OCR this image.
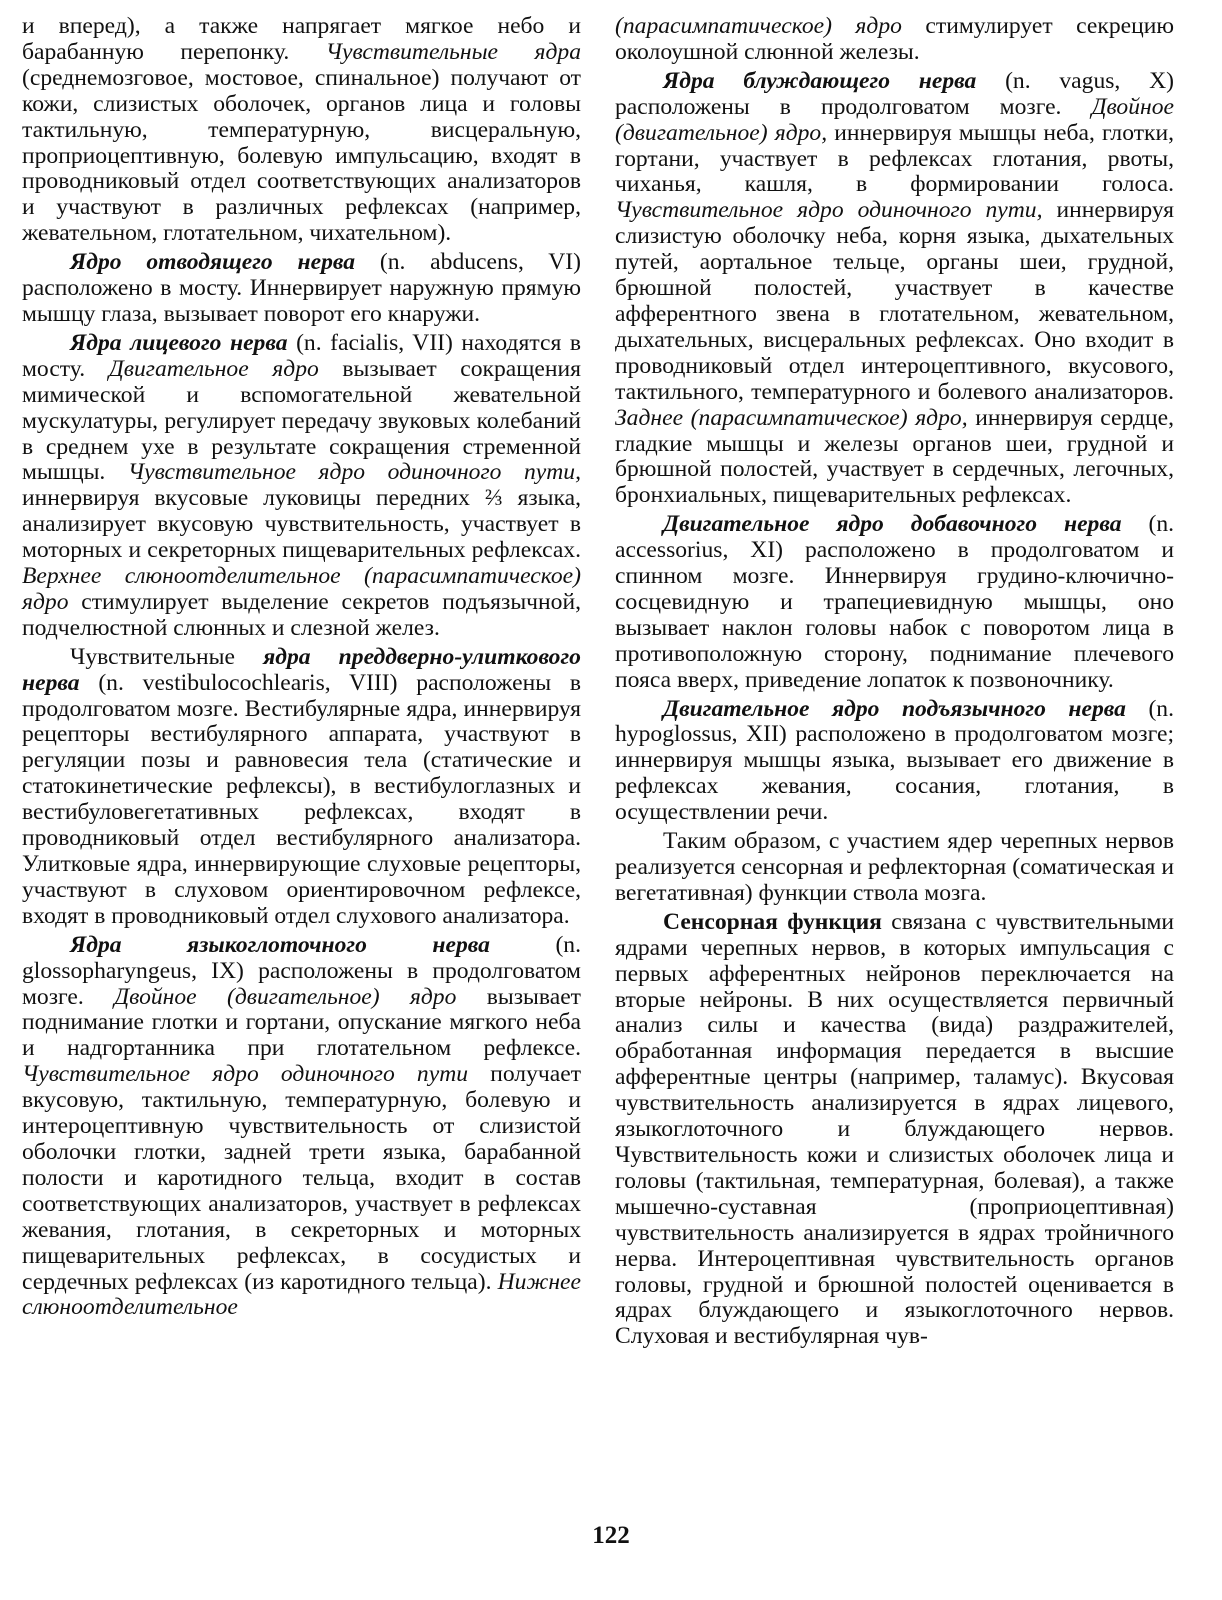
и вперед), а также напрягает мягкое небо и барабанную перепонку. Чувствительные ядра (среднемозговое, мостовое, спинальное) получают от кожи, слизистых оболочек, органов лица и головы тактильную, температурную, висцеральную, проприоцептивную, болевую импульсацию, входят в проводниковый отдел соответствующих анализаторов и участвуют в различных рефлексах (например, жевательном, глотательном, чихательном).

Ядро отводящего нерва (n. abducens, VI) расположено в мосту. Иннервирует наружную прямую мышцу глаза, вызывает поворот его кнаружи.

Ядра лицевого нерва (n. facialis, VII) находятся в мосту. Двигательное ядро вызывает сокращения мимической и вспомогательной жевательной мускулатуры, регулирует передачу звуковых колебаний в среднем ухе в результате сокращения стременной мышцы. Чувствительное ядро одиночного пути, иннервируя вкусовые луковицы передних ⅔ языка, анализирует вкусовую чувствительность, участвует в моторных и секреторных пищеварительных рефлексах. Верхнее слюноотделительное (парасимпатическое) ядро стимулирует выделение секретов подъязычной, подчелюстной слюнных и слезной желез.

Чувствительные ядра преддверно-улиткового нерва (n. vestibulocochlearis, VIII) расположены в продолговатом мозге. Вестибулярные ядра, иннервируя рецепторы вестибулярного аппарата, участвуют в регуляции позы и равновесия тела (статические и статокинетические рефлексы), в вестибулоглазных и вестибуловегетативных рефлексах, входят в проводниковый отдел вестибулярного анализатора. Улитковые ядра, иннервирующие слуховые рецепторы, участвуют в слуховом ориентировочном рефлексе, входят в проводниковый отдел слухового анализатора.

Ядра языкоглоточного нерва (n. glossopharyngeus, IX) расположены в продолговатом мозге. Двойное (двигательное) ядро вызывает поднимание глотки и гортани, опускание мягкого неба и надгортанника при глотательном рефлексе. Чувствительное ядро одиночного пути получает вкусовую, тактильную, температурную, болевую и интероцептивную чувствительность от слизистой оболочки глотки, задней трети языка, барабанной полости и каротидного тельца, входит в состав соответствующих анализаторов, участвует в рефлексах жевания, глотания, в секреторных и моторных пищеварительных рефлексах, в сосудистых и сердечных рефлексах (из каротидного тельца). Нижнее слюноотделительное

(парасимпатическое) ядро стимулирует секрецию околоушной слюнной железы.

Ядра блуждающего нерва (n. vagus, X) расположены в продолговатом мозге. Двойное (двигательное) ядро, иннервируя мышцы неба, глотки, гортани, участвует в рефлексах глотания, рвоты, чиханья, кашля, в формировании голоса. Чувствительное ядро одиночного пути, иннервируя слизистую оболочку неба, корня языка, дыхательных путей, аортальное тельце, органы шеи, грудной, брюшной полостей, участвует в качестве афферентного звена в глотательном, жевательном, дыхательных, висцеральных рефлексах. Оно входит в проводниковый отдел интероцептивного, вкусового, тактильного, температурного и болевого анализаторов. Заднее (парасимпатическое) ядро, иннервируя сердце, гладкие мышцы и железы органов шеи, грудной и брюшной полостей, участвует в сердечных, легочных, бронхиальных, пищеварительных рефлексах.

Двигательное ядро добавочного нерва (n. accessorius, XI) расположено в продолговатом и спинном мозге. Иннервируя грудино-ключично-сосцевидную и трапециевидную мышцы, оно вызывает наклон головы набок с поворотом лица в противоположную сторону, поднимание плечевого пояса вверх, приведение лопаток к позвоночнику.

Двигательное ядро подъязычного нерва (n. hypoglossus, XII) расположено в продолговатом мозге; иннервируя мышцы языка, вызывает его движение в рефлексах жевания, сосания, глотания, в осуществлении речи.

Таким образом, с участием ядер черепных нервов реализуется сенсорная и рефлекторная (соматическая и вегетативная) функции ствола мозга.

Сенсорная функция связана с чувствительными ядрами черепных нервов, в которых импульсация с первых афферентных нейронов переключается на вторые нейроны. В них осуществляется первичный анализ силы и качества (вида) раздражителей, обработанная информация передается в высшие афферентные центры (например, таламус). Вкусовая чувствительность анализируется в ядрах лицевого, языкоглоточного и блуждающего нервов. Чувствительность кожи и слизистых оболочек лица и головы (тактильная, температурная, болевая), а также мышечно-суставная (проприоцептивная) чувствительность анализируется в ядрах тройничного нерва. Интероцептивная чувствительность органов головы, грудной и брюшной полостей оценивается в ядрах блуждающего и языкоглоточного нервов. Слуховая и вестибулярная чув-

122
